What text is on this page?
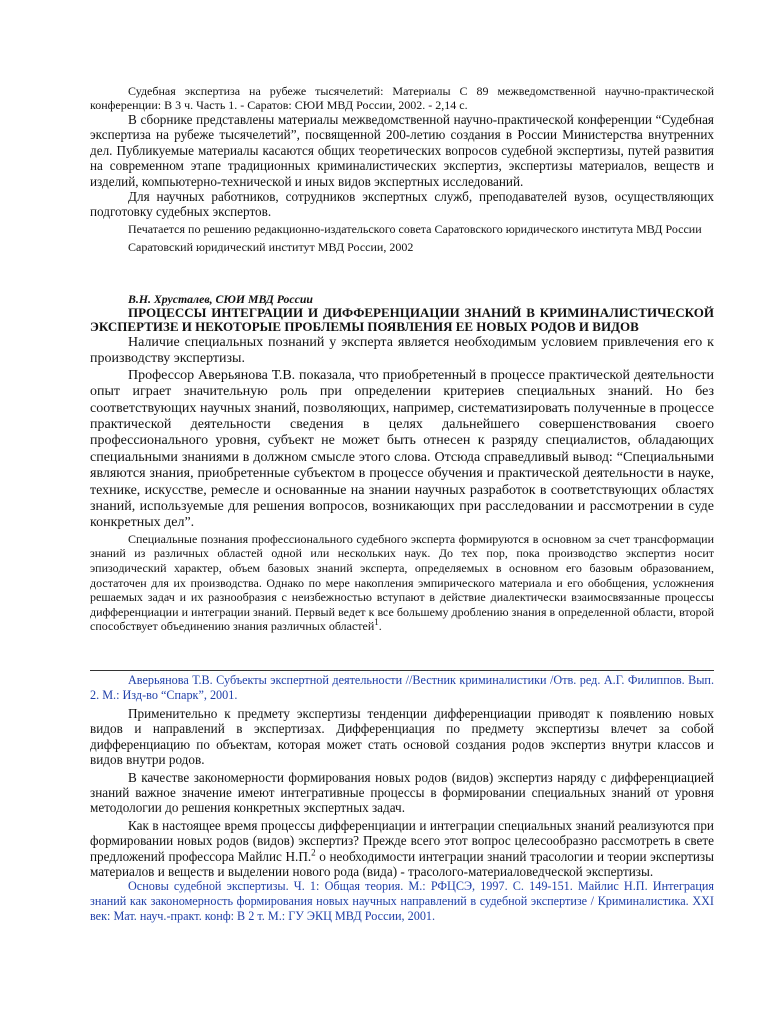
Судебная экспертиза на рубеже тысячелетий: Материалы С 89 межведомственной научно-практической конференции: В 3 ч. Часть 1. - Саратов: СЮИ МВД России, 2002. - 2,14 с.

В сборнике представлены материалы межведомственной научно-практической конференции “Судебная экспертиза на рубеже тысячелетий”, посвященной 200-летию создания в России Министерства внутренних дел. Публикуемые материалы касаются общих теоретических вопросов судебной экспертизы, путей развития на современном этапе традиционных криминалистических экспертиз, экспертизы материалов, веществ и изделий, компьютерно-технической и иных видов экспертных исследований.

Для научных работников, сотрудников экспертных служб, преподавателей вузов, осуществляющих подготовку судебных экспертов.

Печатается по решению редакционно-издательского совета Саратовского юридического института МВД России

Саратовский юридический институт МВД России, 2002

В.Н. Хрусталев, СЮИ МВД России

ПРОЦЕССЫ ИНТЕГРАЦИИ И ДИФФЕРЕНЦИАЦИИ ЗНАНИЙ В КРИМИНАЛИСТИЧЕСКОЙ ЭКСПЕРТИЗЕ И НЕКОТОРЫЕ ПРОБЛЕМЫ ПОЯВЛЕНИЯ ЕЕ НОВЫХ РОДОВ И ВИДОВ

Наличие специальных познаний у эксперта является необходимым условием привлечения его к производству экспертизы.

Профессор Аверьянова Т.В. показала, что приобретенный в процессе практической деятельности опыт играет значительную роль при определении критериев специальных знаний. Но без соответствующих научных знаний, позволяющих, например, систематизировать полученные в процессе практической деятельности сведения в целях дальнейшего совершенствования своего профессионального уровня, субъект не может быть отнесен к разряду специалистов, обладающих специальными знаниями в должном смысле этого слова. Отсюда справедливый вывод: “Специальными являются знания, приобретенные субъектом в процессе обучения и практической деятельности в науке, технике, искусстве, ремесле и основанные на знании научных разработок в соответствующих областях знаний, используемые для решения вопросов, возникающих при расследовании и рассмотрении в суде конкретных дел”.

Специальные познания профессионального судебного эксперта формируются в основном за счет трансформации знаний из различных областей одной или нескольких наук. До тех пор, пока производство экспертиз носит эпизодический характер, объем базовых знаний эксперта, определяемых в основном его базовым образованием, достаточен для их производства. Однако по мере накопления эмпирического материала и его обобщения, усложнения решаемых задач и их разнообразия с неизбежностью вступают в действие диалектически взаимосвязанные процессы дифференциации и интеграции знаний. Первый ведет к все большему дроблению знания в определенной области, второй способствует объединению знания различных областей$^1$.

Аверьянова Т.В. Субъекты экспертной деятельности //Вестник криминалистики /Отв. ред. А.Г. Филиппов. Вып. 2. М.: Изд-во “Спарк”, 2001.

Применительно к предмету экспертизы тенденции дифференциации приводят к появлению новых видов и направлений в экспертизах. Дифференциация по предмету экспертизы влечет за собой дифференциацию по объектам, которая может стать основой создания родов экспертиз внутри классов и видов внутри родов.

В качестве закономерности формирования новых родов (видов) экспертиз наряду с дифференциацией знаний важное значение имеют интегративные процессы в формировании специальных знаний от уровня методологии до решения конкретных экспертных задач.

Как в настоящее время процессы дифференциации и интеграции специальных знаний реализуются при формировании новых родов (видов) экспертиз? Прежде всего этот вопрос целесообразно рассмотреть в свете предложений профессора Майлис Н.П.$^2$ о необходимости интеграции знаний трасологии и теории экспертизы материалов и веществ и выделении нового рода (вида) - трасолого-материаловедческой экспертизы.

Основы судебной экспертизы. Ч. 1: Общая теория. М.: РФЦСЭ, 1997. С. 149-151. Майлис Н.П. Интеграция знаний как закономерность формирования новых научных направлений в судебной экспертизе / Криминалистика. XXI век: Мат. науч.-практ. конф: В 2 т. М.: ГУ ЭКЦ МВД России, 2001.
